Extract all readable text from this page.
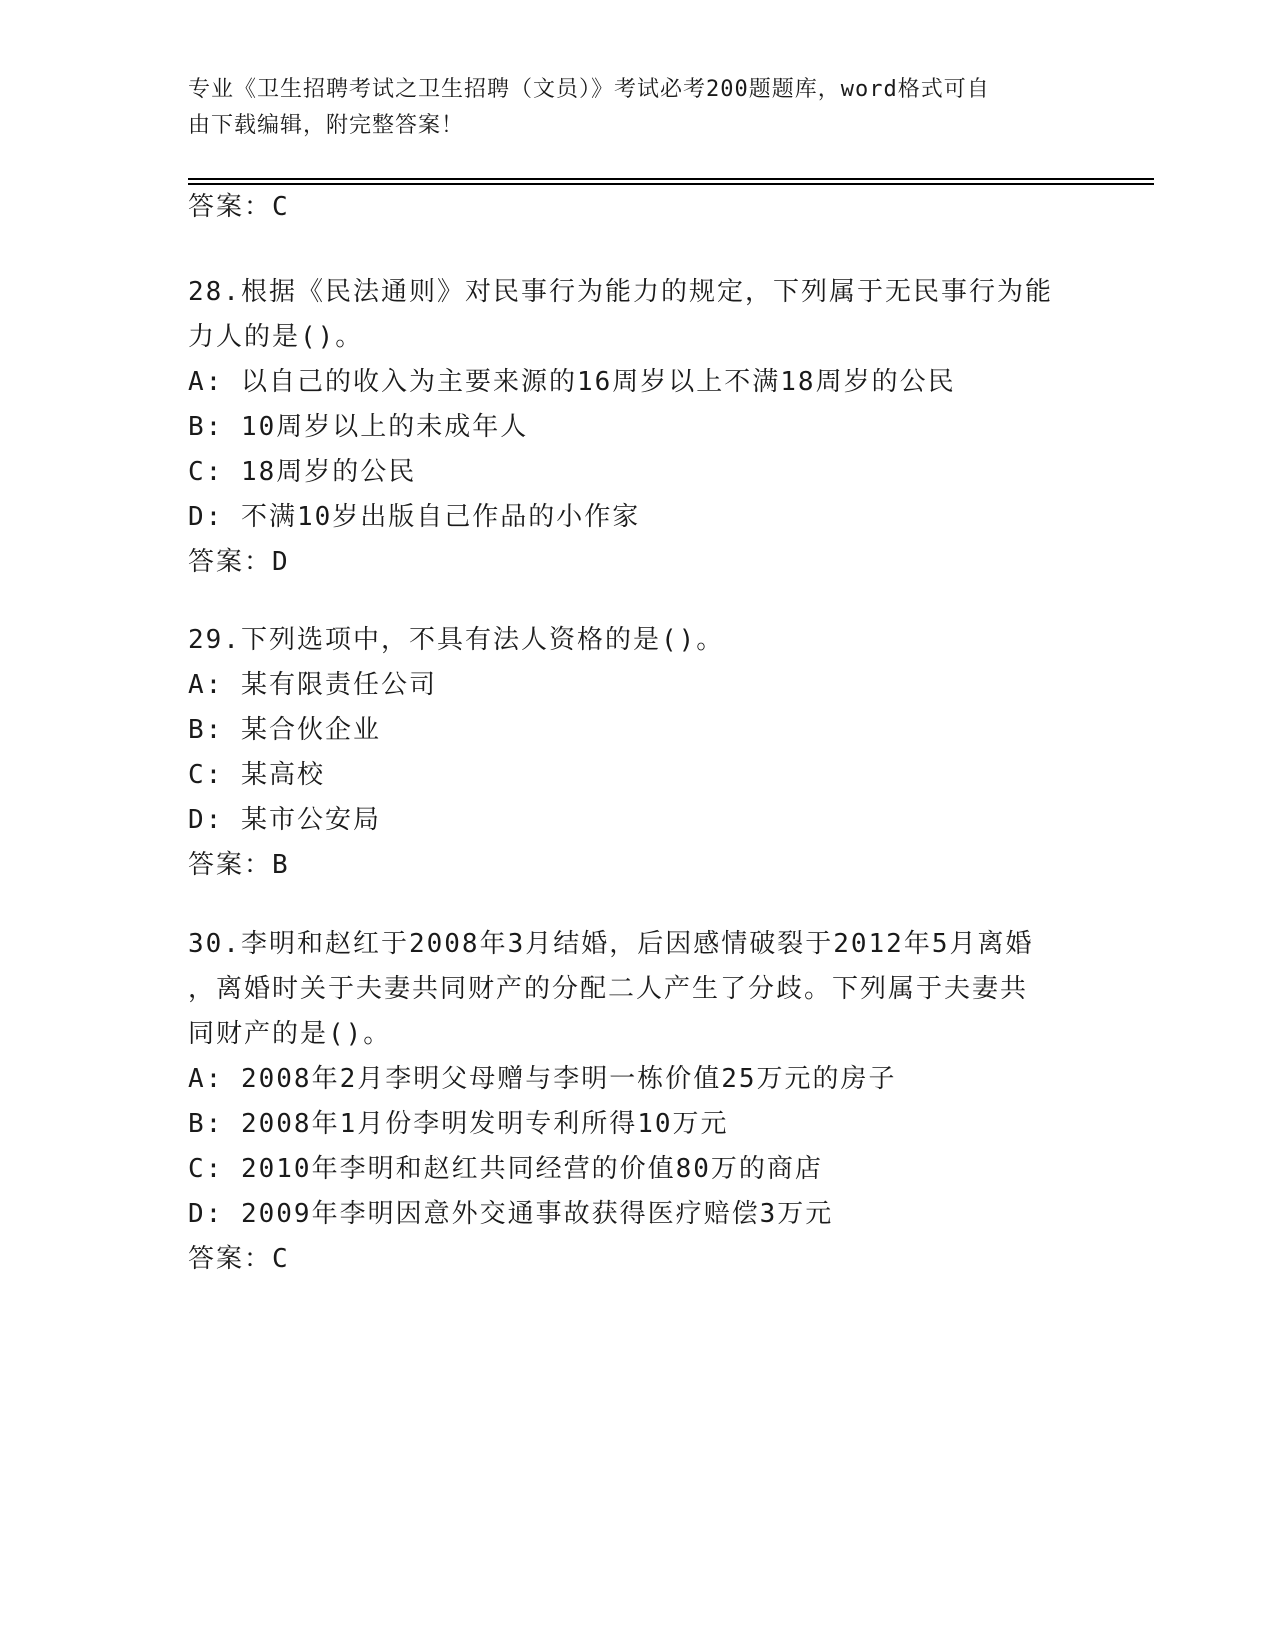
专业《卫生招聘考试之卫生招聘（文员）》考试必考200题题库，word格式可自
由下载编辑，附完整答案！
答案：C
28.根据《民法通则》对民事行为能力的规定，下列属于无民事行为能
力人的是()。
A: 以自己的收入为主要来源的16周岁以上不满18周岁的公民
B: 10周岁以上的未成年人
C: 18周岁的公民
D: 不满10岁出版自己作品的小作家
答案：D
29.下列选项中，不具有法人资格的是()。
A: 某有限责任公司
B: 某合伙企业
C: 某高校
D: 某市公安局
答案：B
30.李明和赵红于2008年3月结婚，后因感情破裂于2012年5月离婚
，离婚时关于夫妻共同财产的分配二人产生了分歧。下列属于夫妻共
同财产的是()。
A: 2008年2月李明父母赠与李明一栋价值25万元的房子
B: 2008年1月份李明发明专利所得10万元
C: 2010年李明和赵红共同经营的价值80万的商店
D: 2009年李明因意外交通事故获得医疗赔偿3万元
答案：C
